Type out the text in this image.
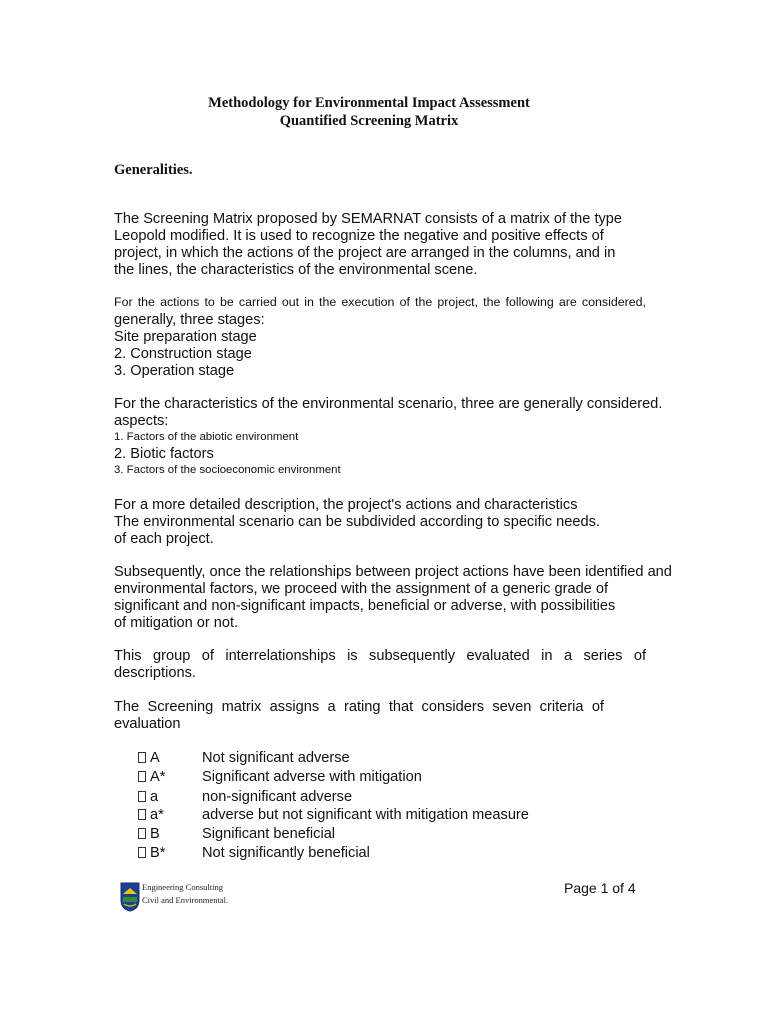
Methodology for Environmental Impact Assessment
Quantified Screening Matrix
Generalities.
The Screening Matrix proposed by SEMARNAT consists of a matrix of the type
Leopold modified. It is used to recognize the negative and positive effects of
project, in which the actions of the project are arranged in the columns, and in
the lines, the characteristics of the environmental scene.
For the actions to be carried out in the execution of the project, the following are considered,
generally, three stages:
Site preparation stage
2. Construction stage
3. Operation stage
For the characteristics of the environmental scenario, three are generally considered.
aspects:
1. Factors of the abiotic environment
2. Biotic factors
3. Factors of the socioeconomic environment
For a more detailed description, the project's actions and characteristics
The environmental scenario can be subdivided according to specific needs.
of each project.
Subsequently, once the relationships between project actions have been identified and
environmental factors, we proceed with the assignment of a generic grade of
significant and non-significant impacts, beneficial or adverse, with possibilities
of mitigation or not.
This group of interrelationships is subsequently evaluated in a series of
descriptions.
The Screening matrix assigns a rating that considers seven criteria of
evaluation
A	Not significant adverse
A*	Significant adverse with mitigation
a	non-significant adverse
a*	adverse but not significant with mitigation measure
B	Significant beneficial
B*	Not significantly beneficial
Engineering Consulting
Civil and Environmental.
Page 1 of 4
